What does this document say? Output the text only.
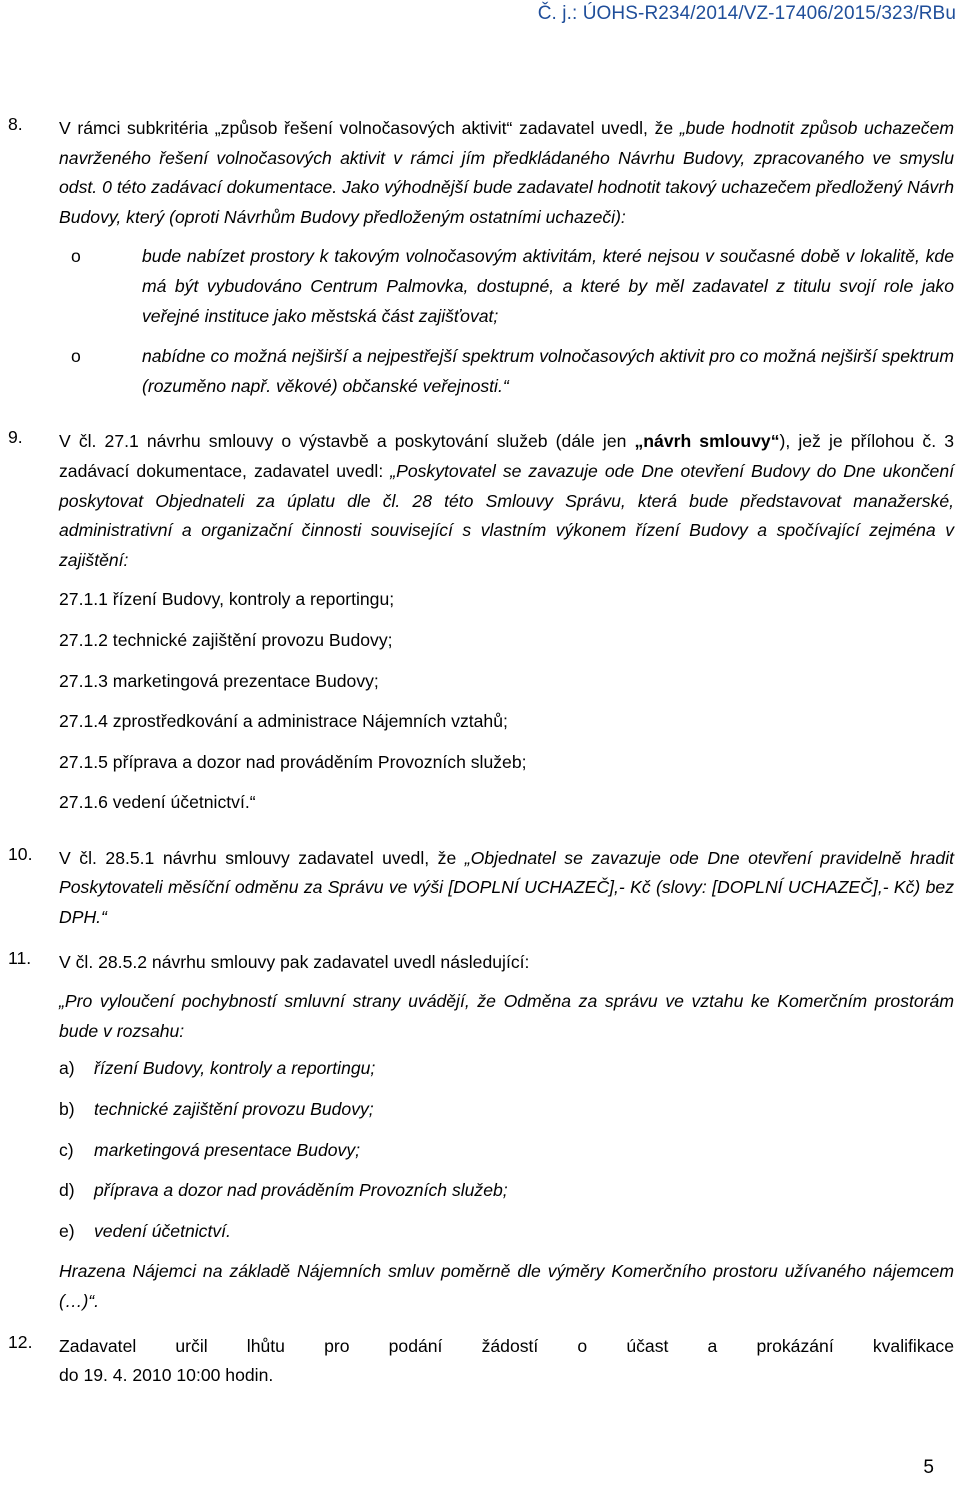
Č. j.: ÚOHS-R234/2014/VZ-17406/2015/323/RBu
8.	V rámci subkritéria „způsob řešení volnočasových aktivit“ zadavatel uvedl, že „bude hodnotit způsob uchazečem navrženého řešení volnočasových aktivit v rámci jím předkládaného Návrhu Budovy, zpracovaného ve smyslu odst. 0 této zadávací dokumentace. Jako výhodnější bude zadavatel hodnotit takový uchazečem předložený Návrh Budovy, který (oproti Návrhům Budovy předloženým ostatními uchazeči):

o	bude nabízet prostory k takovým volnočasovým aktivitám, které nejsou v současné době v lokalitě, kde má být vybudováno Centrum Palmovka, dostupné, a které by měl zadavatel z titulu svojí role jako veřejné instituce jako městská část zajišťovat;
o	nabídne co možná nejširší a nejpestřejší spektrum volnočasových aktivit pro co možná nejširší spektrum (rozuměno např. věkové) občanské veřejnosti.“
9.	V čl. 27.1 návrhu smlouvy o výstavbě a poskytování služeb (dále jen „návrh smlouvy“), jež je přílohou č. 3 zadávací dokumentace, zadavatel uvedl: „Poskytovatel se zavazuje ode Dne otevření Budovy do Dne ukončení poskytovat Objednateli za úplatu dle čl. 28 této Smlouvy Správu, která bude představovat manažerské, administrativní a organizační činnosti související s vlastním výkonem řízení Budovy a spočívající zejména v zajištění:

27.1.1 řízení Budovy, kontroly a reportingu;
27.1.2 technické zajištění provozu Budovy;
27.1.3 marketingová prezentace Budovy;
27.1.4 zprostředkování a administrace Nájemních vztahů;
27.1.5 příprava a dozor nad prováděním Provozních služeb;
27.1.6 vedení účetnictví.“
10.	V čl. 28.5.1 návrhu smlouvy zadavatel uvedl, že „Objednatel se zavazuje ode Dne otevření pravidelně hradit Poskytovateli měsíční odměnu za Správu ve výši [DOPLNÍ UCHAZEČ],- Kč (slovy: [DOPLNÍ UCHAZEČ],- Kč) bez DPH.“

11.	V čl. 28.5.2 návrhu smlouvy pak zadavatel uvedl následující:

„Pro vyloučení pochybností smluvní strany uvádějí, že Odměna za správu ve vztahu ke Komerčním prostorám bude v rozsahu:

a)	řízení Budovy, kontroly a reportingu;
b)	technické zajištění provozu Budovy;
c)	marketingová presentace Budovy;
d)	příprava a dozor nad prováděním Provozních služeb;
e)	vedení účetnictví.

Hrazena Nájemci na základě Nájemních smluv poměrně dle výměry Komerčního prostoru užívaného nájemcem (…)“.

12.	Zadavatel určil lhůtu pro podání žádostí o účast a prokázání kvalifikace

do 19. 4. 2010 10:00 hodin.

5
